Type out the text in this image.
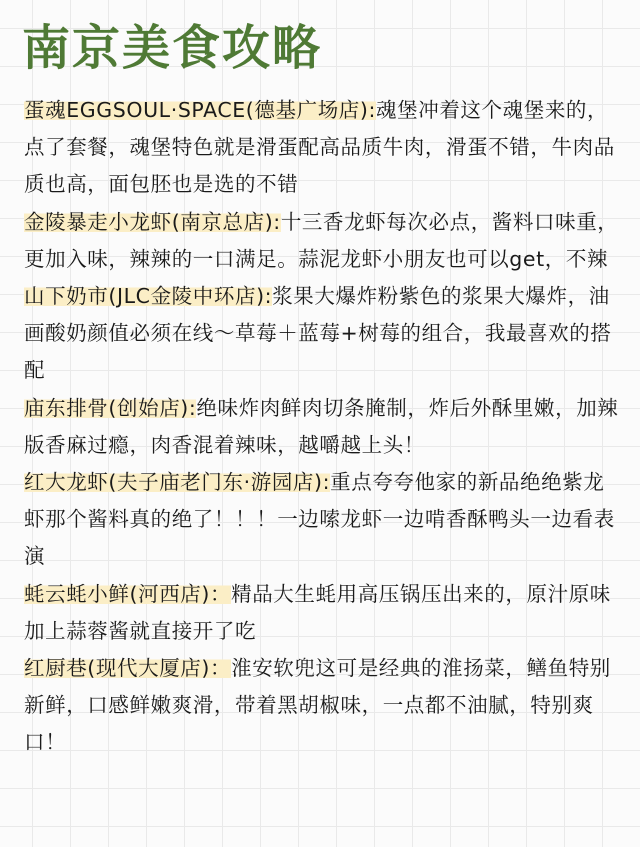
南京美食攻略

蛋魂EGGSOUL·SPACE(德基广场店):魂堡冲着这个魂堡来的，点了套餐，魂堡特色就是滑蛋配高品质牛肉，滑蛋不错，牛肉品质也高，面包胚也是选的不错

金陵暴走小龙虾(南京总店):十三香龙虾每次必点，酱料口味重，更加入味，辣辣的一口满足。蒜泥龙虾小朋友也可以get，不辣

山下奶市(JLC金陵中环店):浆果大爆炸粉紫色的浆果大爆炸，油画酸奶颜值必须在线～草莓＋蓝莓+树莓的组合，我最喜欢的搭配

庙东排骨(创始店):绝味炸肉鲜肉切条腌制，炸后外酥里嫩，加辣版香麻过瘾，肉香混着辣味，越嚼越上头！

红大龙虾(夫子庙老门东·游园店):重点夸夸他家的新品绝绝紫龙虾那个酱料真的绝了！！！一边嗦龙虾一边啃香酥鸭头一边看表演

蚝云蚝小鲜(河西店)：精品大生蚝用高压锅压出来的，原汁原味加上蒜蓉酱就直接开了吃

红厨巷(现代大厦店)：淮安软兜这可是经典的淮扬菜，鳝鱼特别新鲜，口感鲜嫩爽滑，带着黑胡椒味，一点都不油腻，特别爽口！
